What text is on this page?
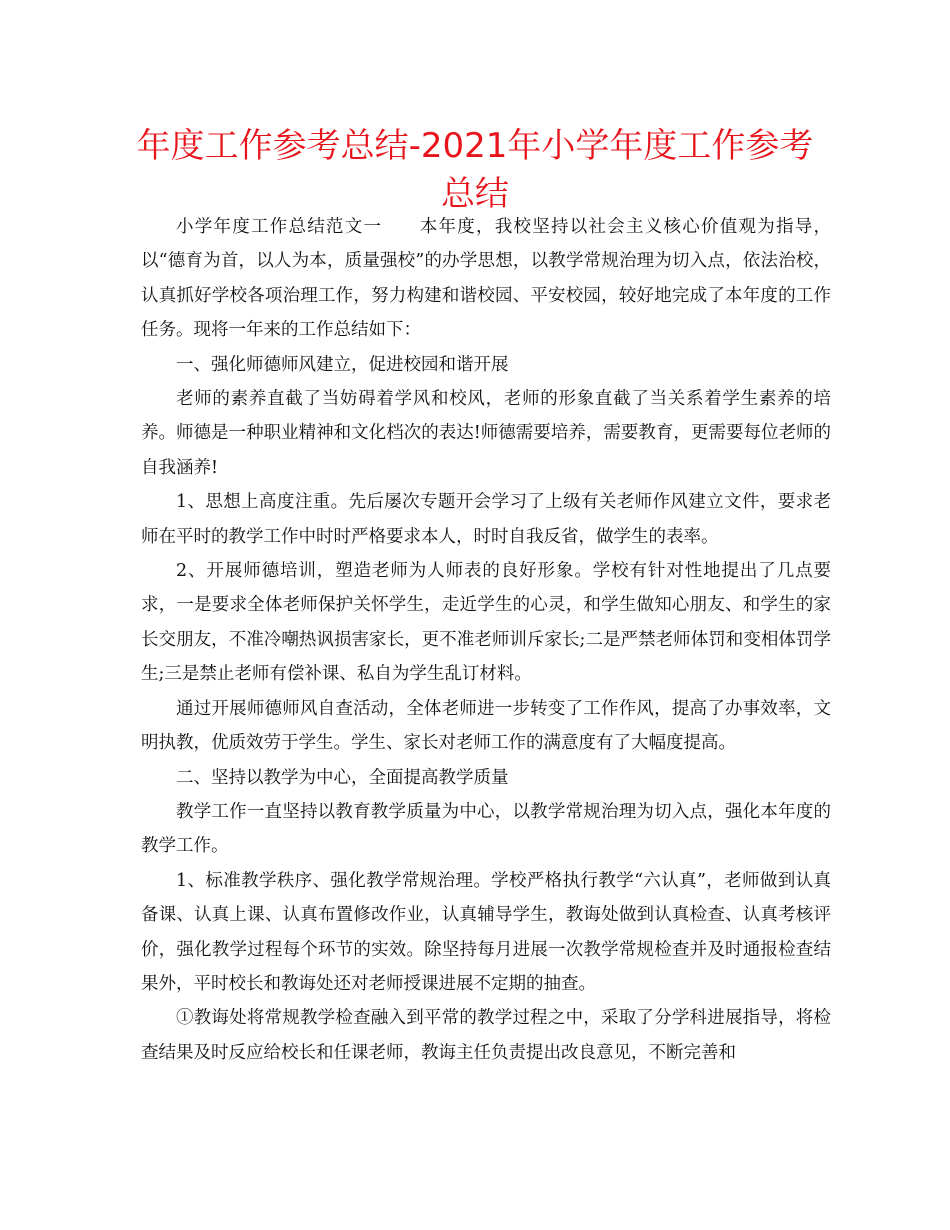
年度工作参考总结-2021年小学年度工作参考总结

小学年度工作总结范文一　　本年度，我校坚持以社会主义核心价值观为指导，以“德育为首，以人为本，质量强校”的办学思想，以教学常规治理为切入点，依法治校，认真抓好学校各项治理工作，努力构建和谐校园、平安校园，较好地完成了本年度的工作任务。现将一年来的工作总结如下：

一、强化师德师风建立，促进校园和谐开展

老师的素养直截了当妨碍着学风和校风，老师的形象直截了当关系着学生素养的培养。师德是一种职业精神和文化档次的表达!师德需要培养，需要教育，更需要每位老师的自我涵养!

1、思想上高度注重。先后屡次专题开会学习了上级有关老师作风建立文件，要求老师在平时的教学工作中时时严格要求本人，时时自我反省，做学生的表率。

2、开展师德培训，塑造老师为人师表的良好形象。学校有针对性地提出了几点要求，一是要求全体老师保护关怀学生，走近学生的心灵，和学生做知心朋友、和学生的家长交朋友，不准冷嘲热讽损害家长，更不准老师训斥家长;二是严禁老师体罚和变相体罚学生;三是禁止老师有偿补课、私自为学生乱订材料。

通过开展师德师风自查活动，全体老师进一步转变了工作作风，提高了办事效率，文明执教，优质效劳于学生。学生、家长对老师工作的满意度有了大幅度提高。

二、坚持以教学为中心，全面提高教学质量

教学工作一直坚持以教育教学质量为中心，以教学常规治理为切入点，强化本年度的教学工作。

1、标准教学秩序、强化教学常规治理。学校严格执行教学“六认真”，老师做到认真备课、认真上课、认真布置修改作业，认真辅导学生，教诲处做到认真检查、认真考核评价，强化教学过程每个环节的实效。除坚持每月进展一次教学常规检查并及时通报检查结果外，平时校长和教诲处还对老师授课进展不定期的抽查。

①教诲处将常规教学检查融入到平常的教学过程之中，采取了分学科进展指导，将检查结果及时反应给校长和任课老师，教诲主任负责提出改良意见，不断完善和
